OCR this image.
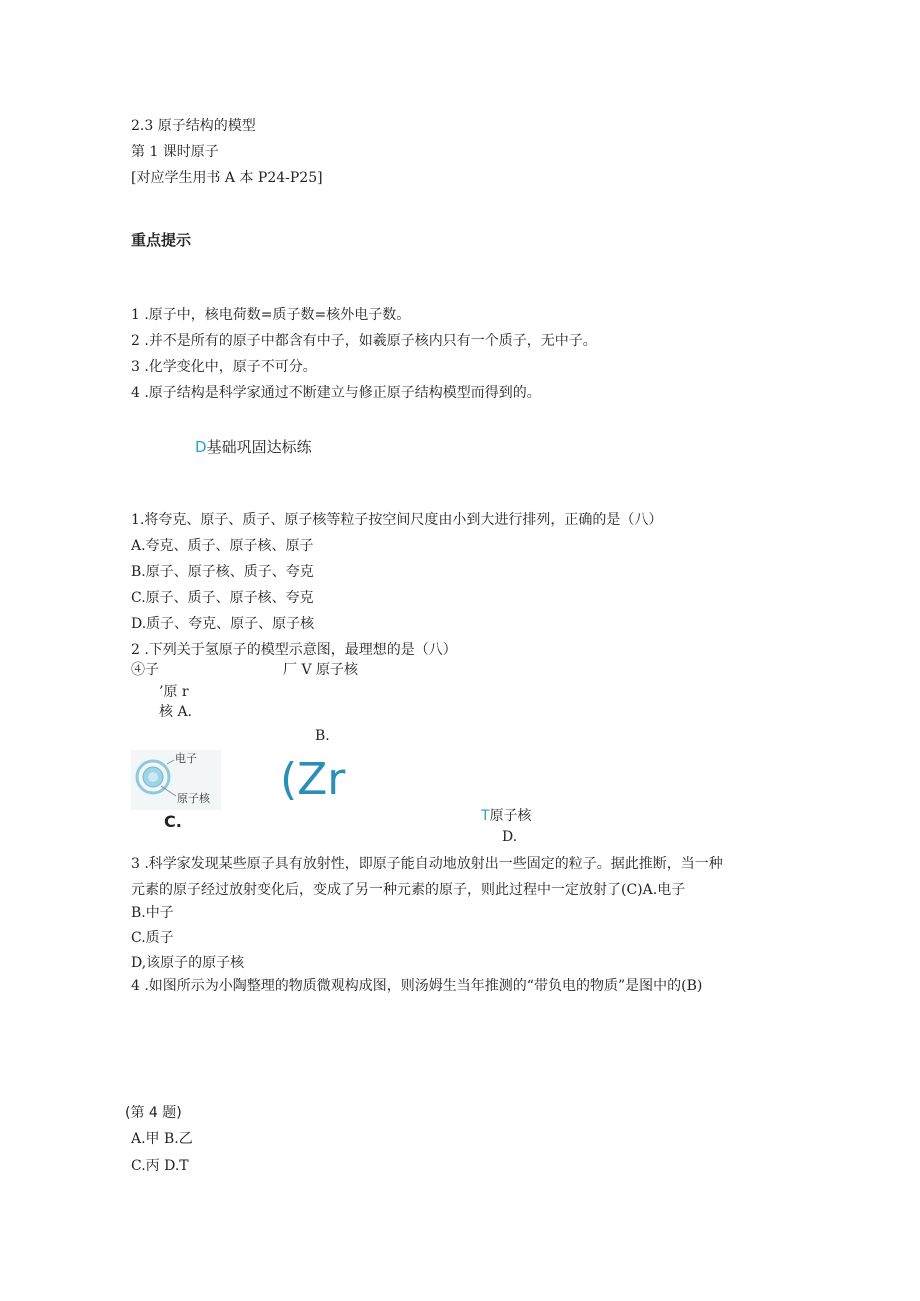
2.3 原子结构的模型
第 1 课时原子
[对应学生用书 A 本 P24-P25]
重点提示
1 .原子中，核电荷数=质子数=核外电子数。
2 .并不是所有的原子中都含有中子，如羲原子核内只有一个质子，无中子。
3 .化学变化中，原子不可分。
4 .原子结构是科学家通过不断建立与修正原子结构模型而得到的。
D基础巩固达标练
1.将夸克、原子、质子、原子核等粒子按空间尺度由小到大进行排列，正确的是（八）
A.夸克、质子、原子核、原子
B.原子、原子核、质子、夸克
C.原子、质子、原子核、夸克
D.质子、夸克、原子、原子核
2 .下列关于氢原子的模型示意图，最理想的是（八）
④子	厂 V 原子核
’原 r
核 A.
B.
电子
原子核
C.
(Zr
T原子核
D.
3 .科学家发现某些原子具有放射性，即原子能自动地放射出一些固定的粒子。据此推断，当一种
元素的原子经过放射变化后，变成了另一种元素的原子，则此过程中一定放射了(C)A.电子
B.中子
C.质子
D,该原子的原子核
4 .如图所示为小陶整理的物质微观构成图，则汤姆生当年推测的“带负电的物质”是图中的(B)
(第 4 题)
A.甲 B.乙
C.丙 D.T
